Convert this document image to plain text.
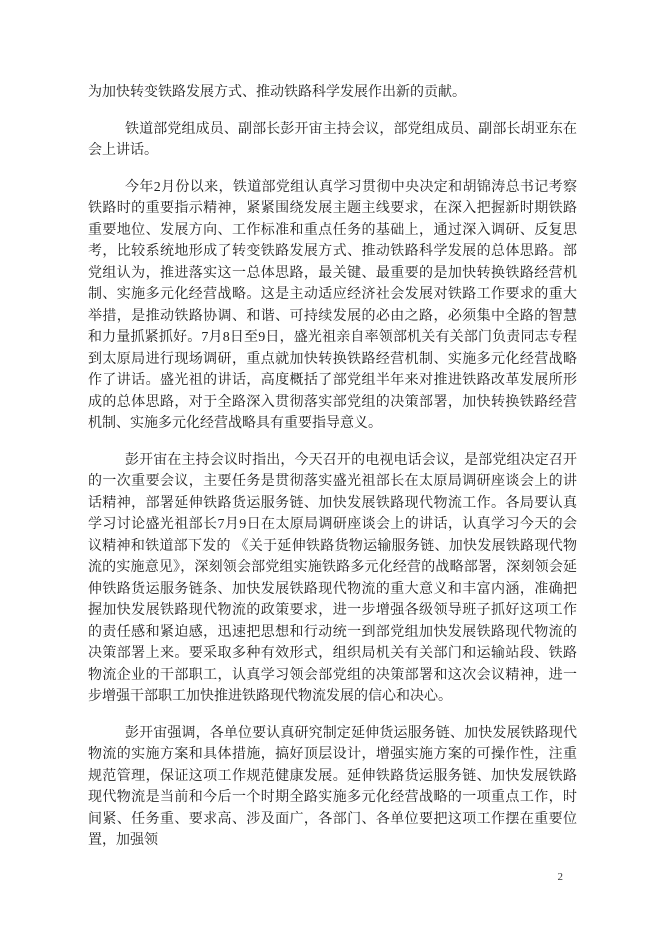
为加快转变铁路发展方式、推动铁路科学发展作出新的贡献。

铁道部党组成员、副部长彭开宙主持会议，部党组成员、副部长胡亚东在会上讲话。

今年2月份以来，铁道部党组认真学习贯彻中央决定和胡锦涛总书记考察铁路时的重要指示精神，紧紧围绕发展主题主线要求，在深入把握新时期铁路重要地位、发展方向、工作标准和重点任务的基础上，通过深入调研、反复思考，比较系统地形成了转变铁路发展方式、推动铁路科学发展的总体思路。部党组认为，推进落实这一总体思路，最关键、最重要的是加快转换铁路经营机制、实施多元化经营战略。这是主动适应经济社会发展对铁路工作要求的重大举措，是推动铁路协调、和谐、可持续发展的必由之路，必须集中全路的智慧和力量抓紧抓好。7月8日至9日，盛光祖亲自率领部机关有关部门负责同志专程到太原局进行现场调研，重点就加快转换铁路经营机制、实施多元化经营战略作了讲话。盛光祖的讲话，高度概括了部党组半年来对推进铁路改革发展所形成的总体思路，对于全路深入贯彻落实部党组的决策部署，加快转换铁路经营机制、实施多元化经营战略具有重要指导意义。

彭开宙在主持会议时指出，今天召开的电视电话会议，是部党组决定召开的一次重要会议，主要任务是贯彻落实盛光祖部长在太原局调研座谈会上的讲话精神，部署延伸铁路货运服务链、加快发展铁路现代物流工作。各局要认真学习讨论盛光祖部长7月9日在太原局调研座谈会上的讲话，认真学习今天的会议精神和铁道部下发的 《关于延伸铁路货物运输服务链、加快发展铁路现代物流的实施意见》，深刻领会部党组实施铁路多元化经营的战略部署，深刻领会延伸铁路货运服务链条、加快发展铁路现代物流的重大意义和丰富内涵，准确把握加快发展铁路现代物流的政策要求，进一步增强各级领导班子抓好这项工作的责任感和紧迫感，迅速把思想和行动统一到部党组加快发展铁路现代物流的决策部署上来。要采取多种有效形式，组织局机关有关部门和运输站段、铁路物流企业的干部职工，认真学习领会部党组的决策部署和这次会议精神，进一步增强干部职工加快推进铁路现代物流发展的信心和决心。

彭开宙强调，各单位要认真研究制定延伸货运服务链、加快发展铁路现代物流的实施方案和具体措施，搞好顶层设计，增强实施方案的可操作性，注重规范管理，保证这项工作规范健康发展。延伸铁路货运服务链、加快发展铁路现代物流是当前和今后一个时期全路实施多元化经营战略的一项重点工作，时间紧、任务重、要求高、涉及面广，各部门、各单位要把这项工作摆在重要位置，加强领

2
